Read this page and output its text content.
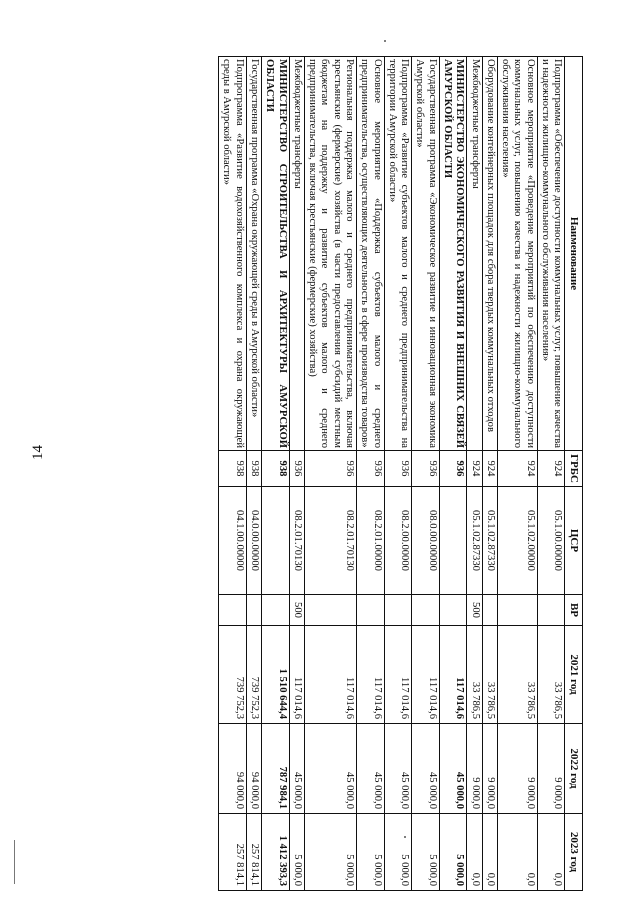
14
Наименование	ГРБС	ЦСР	ВР	2021 год	2022 год	2023 год
Подпрограмма «Обеспечение доступности коммунальных услуг, повышение качества и надежности жилищно-коммунального обслуживания населения»	924	05.1.00.00000		33 786,5	9 000,0	0,0
Основное мероприятие «Проведение мероприятий по обеспечению доступности коммунальных услуг, повышению качества и надежности жилищно-коммунального обслуживания населения»	924	05.1.02.00000		33 786,5	9 000,0	0,0
Оборудование контейнерных площадок для сбора твердых коммунальных отходов	924	05.1.02.87330		33 786,5	9 000,0	0,0
Межбюджетные трансферты	924	05.1.02.87330	500	33 786,5	9 000,0	0,0
МИНИСТЕРСТВО ЭКОНОМИЧЕСКОГО РАЗВИТИЯ И ВНЕШНИХ СВЯЗЕЙ АМУРСКОЙ ОБЛАСТИ	936			117 014,6	45 000,0	5 000,0
Государственная программа «Экономическое развитие и инновационная экономика Амурской области»	936	08.0.00.00000		117 014,6	45 000,0	5 000,0
Подпрограмма «Развитие субъектов малого и среднего предпринимательства на территории Амурской области»	936	08.2.00.00000		117 014,6	45 000,0	5 000,0
Основное мероприятие «Поддержка субъектов малого и среднего предпринимательства, осуществляющих деятельность в сфере производства товаров»	936	08.2.01.00000		117 014,6	45 000,0	5 000,0
Региональная поддержка малого и среднего предпринимательства, включая крестьянские (фермерские) хозяйства (в части предоставления субсидий местным бюджетам на поддержку и развитие субъектов малого и среднего предпринимательства, включая крестьянские (фермерские) хозяйства)	936	08.2.01.70130		117 014,6	45 000,0	5 000,0
Межбюджетные трансферты	936	08.2.01.70130	500	117 014,6	45 000,0	5 000,0
МИНИСТЕРСТВО СТРОИТЕЛЬСТВА И АРХИТЕКТУРЫ АМУРСКОЙ ОБЛАСТИ	938			1 510 644,4	787 984,1	1 412 393,3
Государственная программа «Охрана окружающей среды в Амурской области»	938	04.0.00.00000		739 752,3	94 000,0	257 814,1
Подпрограмма «Развитие водохозяйственного комплекса и охрана окружающей среды в Амурской области»	938	04.1.00.00000		739 752,3	94 000,0	257 814,1
